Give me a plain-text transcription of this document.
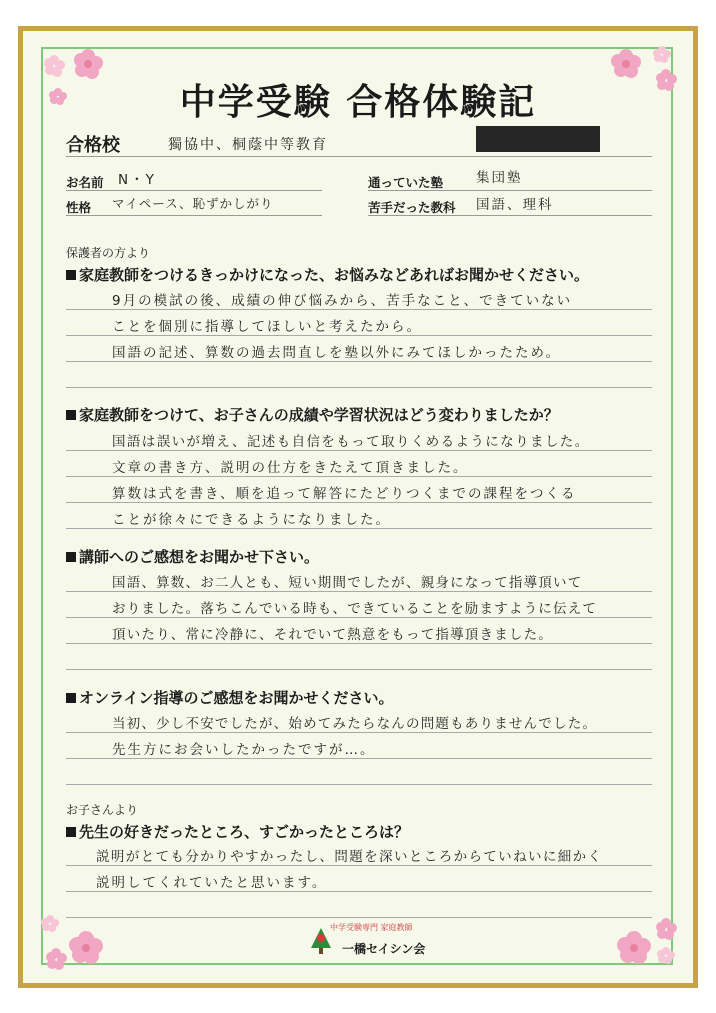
中学受験 合格体験記
合格校	獨協中、桐蔭中等教育
お名前 N・Y	通っていた塾 集団塾
性格 マイペース、恥ずかしがり	苦手だった教科 国語、理科
保護者の方より
家庭教師をつけるきっかけになった、お悩みなどあればお聞かせください。
9月の模試の後、成績の伸び悩みから、苦手なこと、できていない
ことを個別に指導してほしいと考えたから。
国語の記述、算数の過去問直しを塾以外にみてほしかったため。
家庭教師をつけて、お子さんの成績や学習状況はどう変わりましたか？
国語は誤いが増え、記述も自信をもって取りくめるようになりました。
文章の書き方、説明の仕方をきたえて頂きました。
算数は式を書き、順を追って解答にたどりつくまでの課程をつくる
ことが徐々にできるようになりました。
講師へのご感想をお聞かせ下さい。
国語、算数、お二人とも、短い期間でしたが、親身になって指導頂いて
おりました。落ちこんでいる時も、できていることを励ますように伝えて
頂いたり、常に冷静に、それでいて熱意をもって指導頂きました。
オンライン指導のご感想をお聞かせください。
当初、少し不安でしたが、始めてみたらなんの問題もありませんでした。
先生方にお会いしたかったですが…。
お子さんより
先生の好きだったところ、すごかったところは？
説明がとても分かりやすかったし、問題を深いところからていねいに細かく
説明してくれていたと思います。
中学受験専門 家庭教師
一橋セイシン会
